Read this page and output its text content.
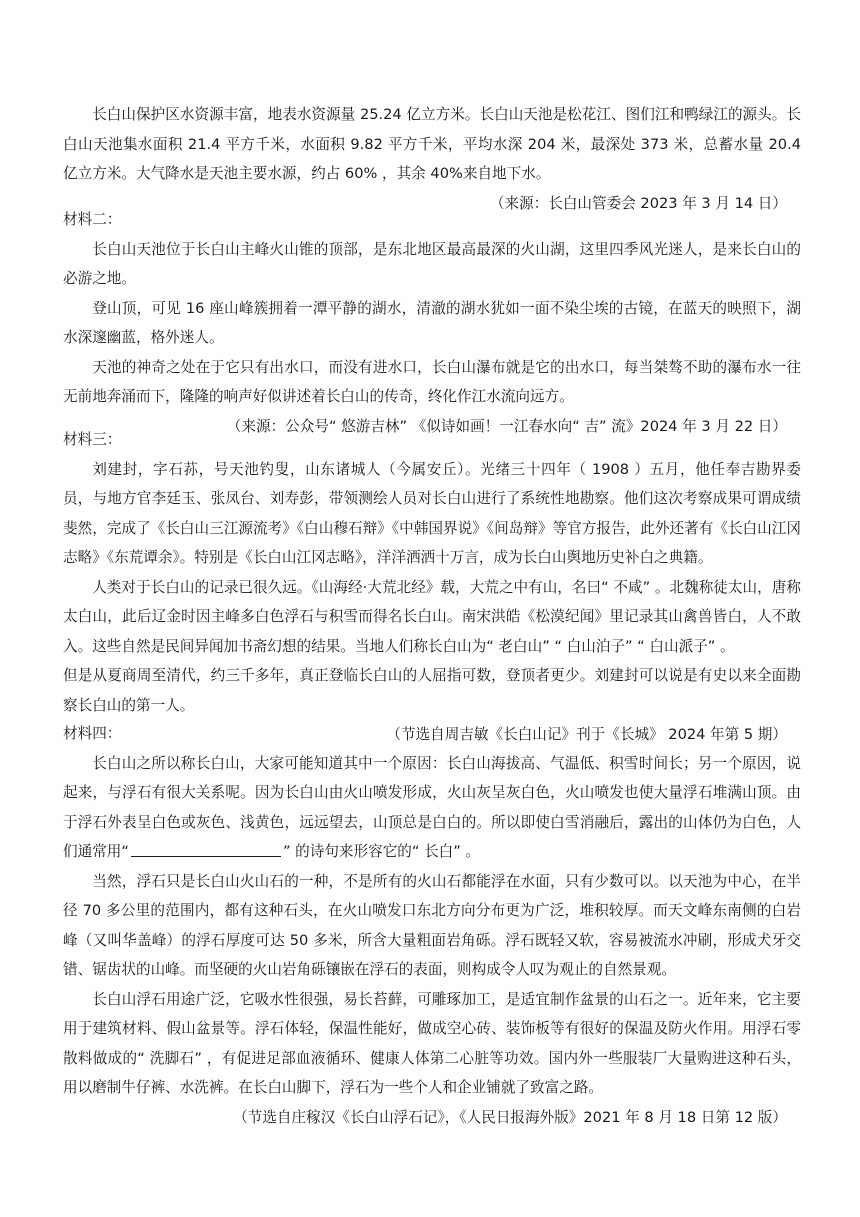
长白山保护区水资源丰富，地表水资源量 25.24 亿立方米。长白山天池是松花江、图们江和鸭绿江的源头。长白山天池集水面积 21.4 平方千米，水面积 9.82 平方千米，平均水深 204 米，最深处 373 米，总蓄水量 20.4 亿立方米。大气降水是天池主要水源，约占 60% ，其余 40%来自地下水。

（来源：长白山管委会 2023 年 3 月 14 日）

材料二：

长白山天池位于长白山主峰火山锥的顶部，是东北地区最高最深的火山湖，这里四季风光迷人，是来长白山的必游之地。

登山顶，可见 16 座山峰簇拥着一潭平静的湖水，清澈的湖水犹如一面不染尘埃的古镜，在蓝天的映照下，湖水深邃幽蓝，格外迷人。

天池的神奇之处在于它只有出水口，而没有进水口，长白山瀑布就是它的出水口，每当桀骜不助的瀑布水一往无前地奔涌而下，隆隆的响声好似讲述着长白山的传奇，终化作江水流向远方。

（来源：公众号“ 悠游吉林” 《似诗如画！一江春水向“ 吉” 流》2024 年 3 月 22 日）

材料三：

刘建封，字石荪，号天池钓叟，山东诸城人（今属安丘）。光绪三十四年（ 1908 ）五月，他任奉吉勘界委员，与地方官李廷玉、张凤台、刘寿彭，带领测绘人员对长白山进行了系统性地勘察。他们这次考察成果可谓成绩斐然，完成了《长白山三江源流考》《白山穆石辩》《中韩国界说》《间岛辩》等官方报告，此外还著有《长白山江冈志略》《东荒谭余》。特别是《长白山江冈志略》，洋洋洒洒十万言，成为长白山舆地历史补白之典籍。

人类对于长白山的记录已很久远。《山海经·大荒北经》载，大荒之中有山，名曰“ 不咸” 。北魏称徒太山，唐称太白山，此后辽金时因主峰多白色浮石与积雪而得名长白山。南宋洪皓《松漠纪闻》里记录其山禽兽皆白，人不敢入。这些自然是民间异闻加书斋幻想的结果。当地人们称长白山为“ 老白山” “ 白山泊子” “ 白山派子” 。

但是从夏商周至清代，约三千多年，真正登临长白山的人屈指可数，登顶者更少。刘建封可以说是有史以来全面勘察长白山的第一人。

（节选自周吉敏《长白山记》刊于《长城》 2024 年第 5 期）

材料四：

长白山之所以称长白山，大家可能知道其中一个原因：长白山海拔高、气温低、积雪时间长；另一个原因，说起来，与浮石有很大关系呢。因为长白山由火山喷发形成，火山灰呈灰白色，火山喷发也使大量浮石堆满山顶。由于浮石外表呈白色或灰色、浅黄色，远远望去，山顶总是白白的。所以即使白雪消融后，露出的山体仍为白色，人们通常用“	” 的诗句来形容它的“ 长白” 。

当然，浮石只是长白山火山石的一种，不是所有的火山石都能浮在水面，只有少数可以。以天池为中心，在半径 70 多公里的范围内，都有这种石头，在火山喷发口东北方向分布更为广泛，堆积较厚。而天文峰东南侧的白岩峰（又叫华盖峰）的浮石厚度可达 50 多米，所含大量粗面岩角砾。浮石既轻又软，容易被流水冲刷，形成犬牙交错、锯齿状的山峰。而坚硬的火山岩角砾镶嵌在浮石的表面，则构成令人叹为观止的自然景观。

长白山浮石用途广泛，它吸水性很强，易长苔藓，可雕琢加工，是适宜制作盆景的山石之一。近年来，它主要用于建筑材料、假山盆景等。浮石体轻，保温性能好，做成空心砖、装饰板等有很好的保温及防火作用。用浮石零散料做成的“ 洗脚石” ，有促进足部血液循环、健康人体第二心脏等功效。国内外一些服装厂大量购进这种石头，用以磨制牛仔裤、水洗裤。在长白山脚下，浮石为一些个人和企业铺就了致富之路。

（节选自庄稼汉《长白山浮石记》，《人民日报海外版》2021 年 8 月 18 日第 12 版）
